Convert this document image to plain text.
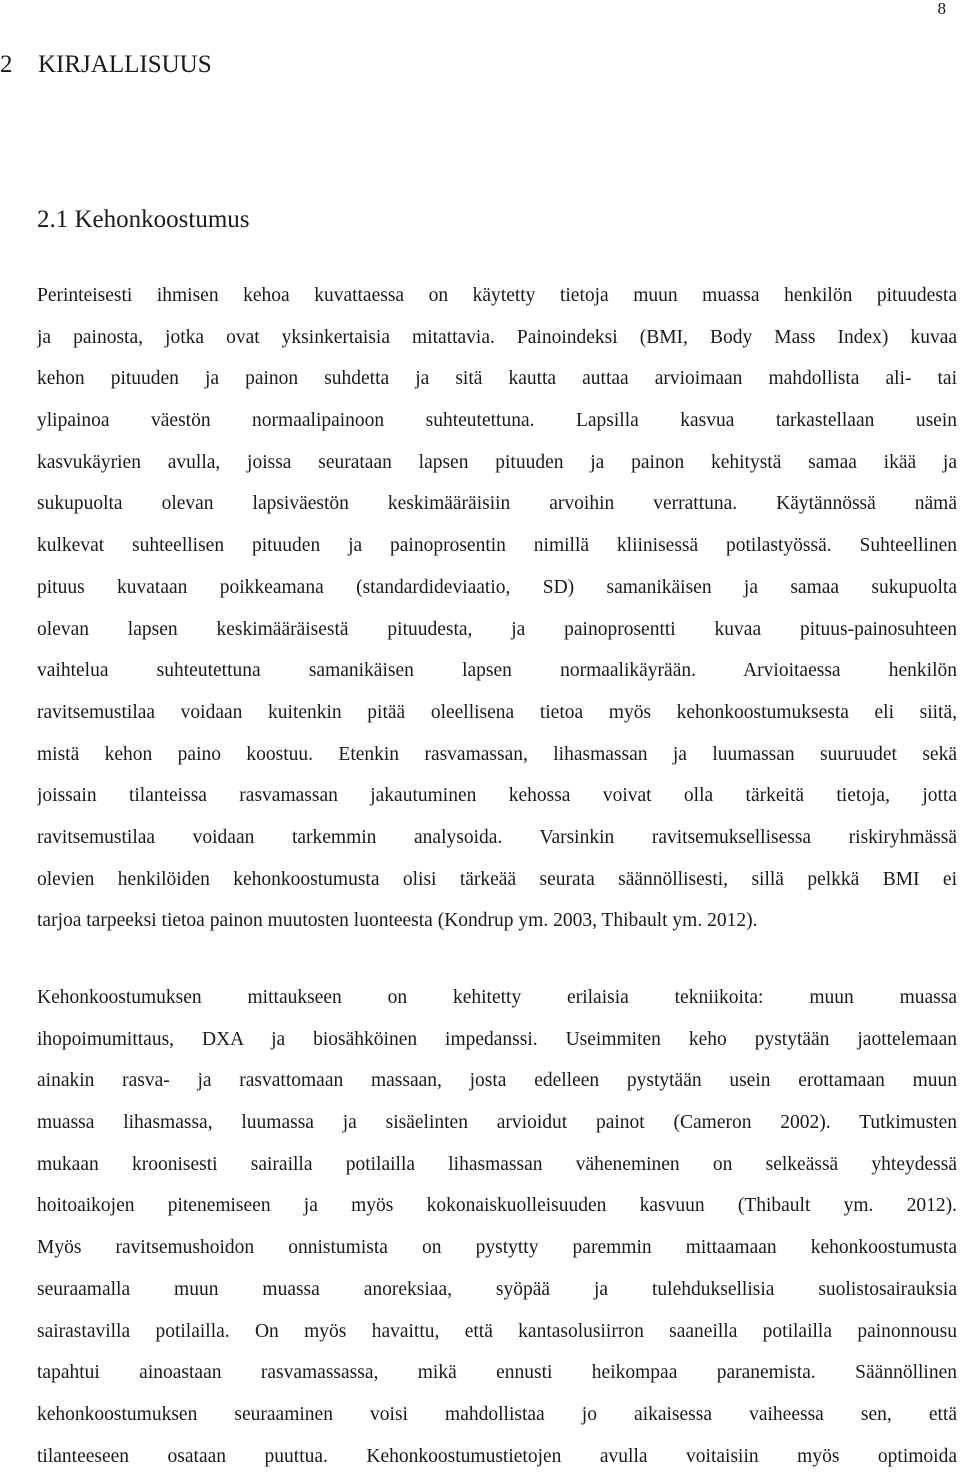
8
2 KIRJALLISUUS
2.1 Kehonkoostumus
Perinteisesti ihmisen kehoa kuvattaessa on käytetty tietoja muun muassa henkilön pituudesta
ja painosta, jotka ovat yksinkertaisia mitattavia. Painoindeksi (BMI, Body Mass Index) kuvaa
kehon pituuden ja painon suhdetta ja sitä kautta auttaa arvioimaan mahdollista ali- tai
ylipainoa väestön normaalipainoon suhteutettuna. Lapsilla kasvua tarkastellaan usein
kasvukäyrien avulla, joissa seurataan lapsen pituuden ja painon kehitystä samaa ikää ja
sukupuolta olevan lapsiväestön keskimääräisiin arvoihin verrattuna. Käytännössä nämä
kulkevat suhteellisen pituuden ja painoprosentin nimillä kliinisessä potilastyössä. Suhteellinen
pituus kuvataan poikkeamana (standardideviaatio, SD) samanikäisen ja samaa sukupuolta
olevan lapsen keskimääräisestä pituudesta, ja painoprosentti kuvaa pituus-painosuhteen
vaihtelua suhteutettuna samanikäisen lapsen normaalikäyrään. Arvioitaessa henkilön
ravitsemustilaa voidaan kuitenkin pitää oleellisena tietoa myös kehonkoostumuksesta eli siitä,
mistä kehon paino koostuu. Etenkin rasvamassan, lihasmassan ja luumassan suuruudet sekä
joissain tilanteissa rasvamassan jakautuminen kehossa voivat olla tärkeitä tietoja, jotta
ravitsemustilaa voidaan tarkemmin analysoida. Varsinkin ravitsemuksellisessa riskiryhmässä
olevien henkilöiden kehonkoostumusta olisi tärkeää seurata säännöllisesti, sillä pelkkä BMI ei
tarjoa tarpeeksi tietoa painon muutosten luonteesta (Kondrup ym. 2003, Thibault ym. 2012).
Kehonkoostumuksen mittaukseen on kehitetty erilaisia tekniikoita: muun muassa
ihopoimumittaus, DXA ja biosähköinen impedanssi. Useimmiten keho pystytään jaottelemaan
ainakin rasva- ja rasvattomaan massaan, josta edelleen pystytään usein erottamaan muun
muassa lihasmassa, luumassa ja sisäelinten arvioidut painot (Cameron 2002). Tutkimusten
mukaan kroonisesti sairailla potilailla lihasmassan väheneminen on selkeässä yhteydessä
hoitoaikojen pitenemiseen ja myös kokonaiskuolleisuuden kasvuun (Thibault ym. 2012).
Myös ravitsemushoidon onnistumista on pystytty paremmin mittaamaan kehonkoostumusta
seuraamalla muun muassa anoreksiaa, syöpää ja tulehduksellisia suolistosairauksia
sairastavilla potilailla. On myös havaittu, että kantasolusiirron saaneilla potilailla painonnousu
tapahtui ainoastaan rasvamassassa, mikä ennusti heikompaa paranemista. Säännöllinen
kehonkoostumuksen seuraaminen voisi mahdollistaa jo aikaisessa vaiheessa sen, että
tilanteeseen osataan puuttua. Kehonkoostumustietojen avulla voitaisiin myös optimoida
